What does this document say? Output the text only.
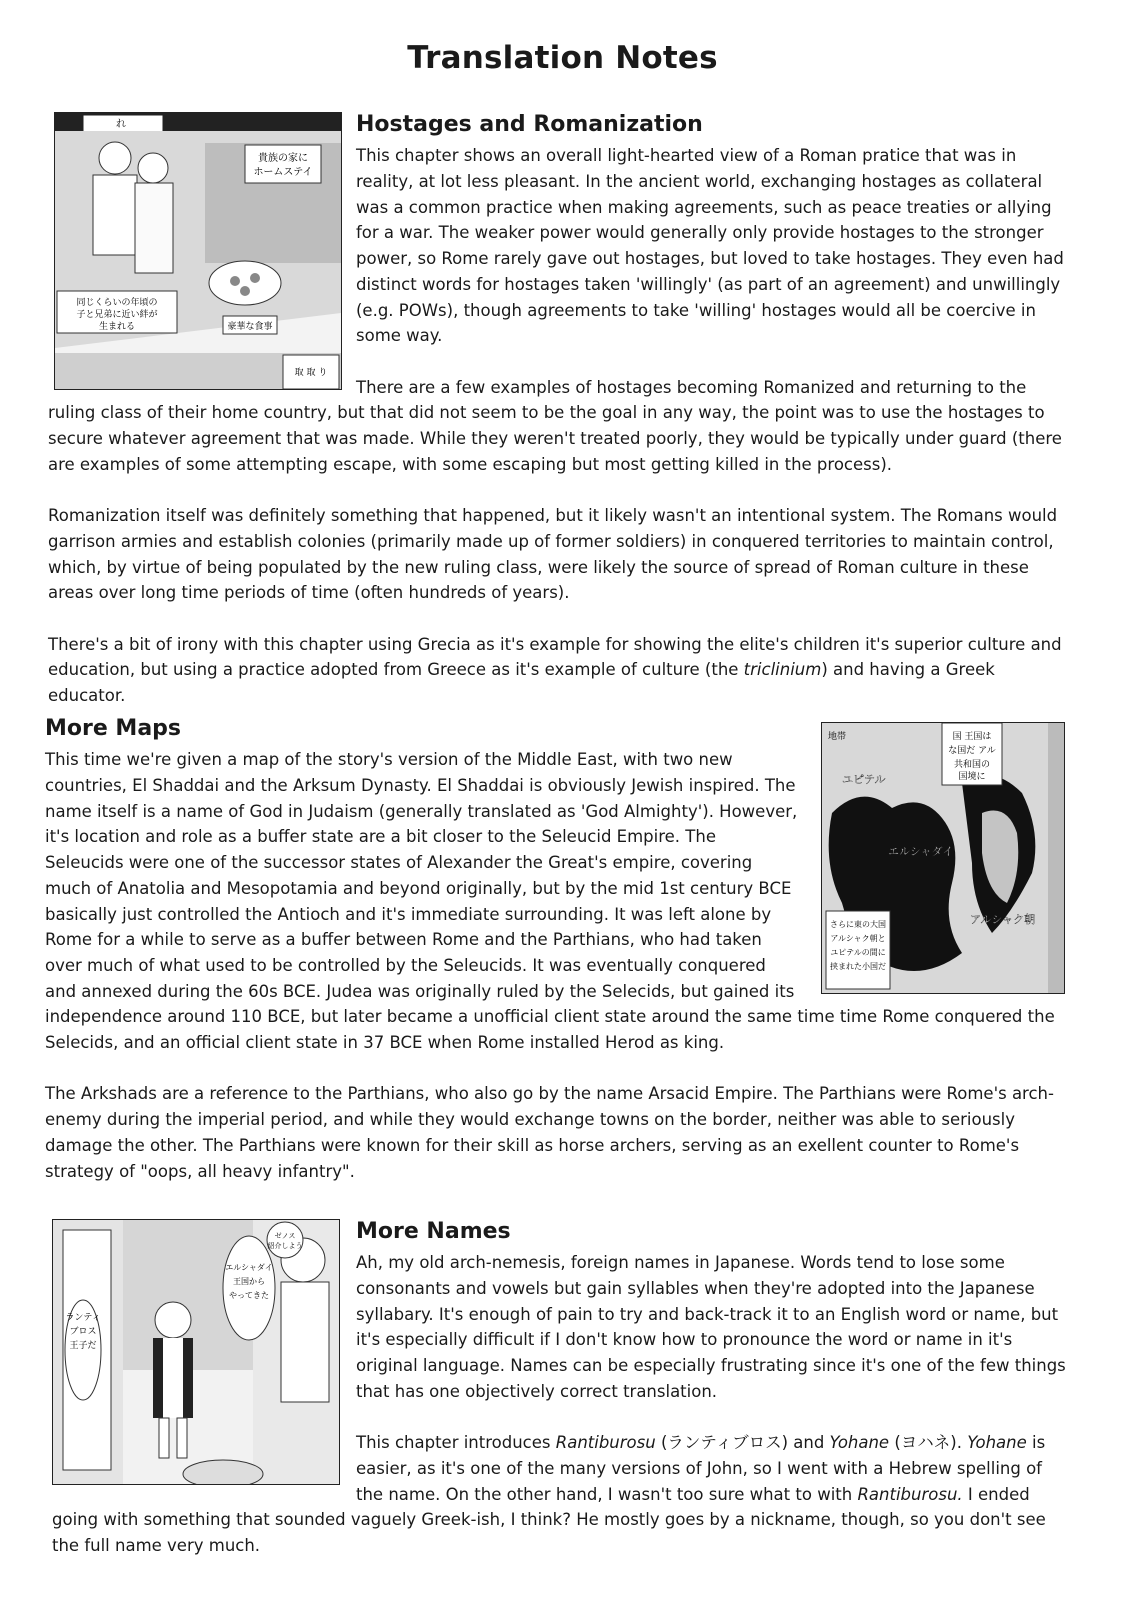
Translation Notes
れ
貴族の家に
ホームステイ
同じくらいの年頃の
子と兄弟に近い絆が
生まれる	豪華な食事
取 取 り
Hostages and Romanization

This chapter shows an overall light-hearted view of a Roman pratice that was in reality, at lot less pleasant. In the ancient world, exchanging hostages as collateral was a common practice when making agreements, such as peace treaties or allying for a war. The weaker power would generally only provide hostages to the stronger power, so Rome rarely gave out hostages, but loved to take hostages. They even had distinct words for hostages taken 'willingly' (as part of an agreement) and unwillingly (e.g. POWs), though agreements to take 'willing' hostages would all be coercive in some way.

There are a few examples of hostages becoming Romanized and returning to the ruling class of their home country, but that did not seem to be the goal in any way, the point was to use the hostages to secure whatever agreement that was made. While they weren't treated poorly, they would be typically under guard (there are examples of some attempting escape, with some escaping but most getting killed in the process).

Romanization itself was definitely something that happened, but it likely wasn't an intentional system. The Romans would garrison armies and establish colonies (primarily made up of former soldiers) in conquered territories to maintain control, which, by virtue of being populated by the new ruling class, were likely the source of spread of Roman culture in these areas over long time periods of time (often hundreds of years).

There's a bit of irony with this chapter using Grecia as it's example for showing the elite's children it's superior culture and education, but using a practice adopted from Greece as it's example of culture (the triclinium) and having a Greek educator.

国 王国は
な国だ アル
共和国の
国境に
地帯
ユピテル
エルシャダイ
アルシャク朝
さらに東の大国
アルシャク朝と
ユピテルの間に
挟まれた小国だ
More Maps

This time we're given a map of the story's version of the Middle East, with two new countries, El Shaddai and the Arksum Dynasty. El Shaddai is obviously Jewish inspired. The name itself is a name of God in Judaism (generally translated as 'God Almighty'). However, it's location and role as a buffer state are a bit closer to the Seleucid Empire. The Seleucids were one of the successor states of Alexander the Great's empire, covering much of Anatolia and Mesopotamia and beyond originally, but by the mid 1st century BCE basically just controlled the Antioch and it's immediate surrounding. It was left alone by Rome for a while to serve as a buffer between Rome and the Parthians, who had taken over much of what used to be controlled by the Seleucids. It was eventually conquered and annexed during the 60s BCE. Judea was originally ruled by the Selecids, but gained its independence around 110 BCE, but later became a unofficial client state around the same time time Rome conquered the Selecids, and an official client state in 37 BCE when Rome installed Herod as king.

The Arkshads are a reference to the Parthians, who also go by the name Arsacid Empire. The Parthians were Rome's arch-enemy during the imperial period, and while they would exchange towns on the border, neither was able to seriously damage the other. The Parthians were known for their skill as horse archers, serving as an exellent counter to Rome's strategy of "oops, all heavy infantry".

ランティ
ブロス
王子だ
エルシャダイ
王国から
やってきた
ゼノス
紹介しよう
More Names

Ah, my old arch-nemesis, foreign names in Japanese. Words tend to lose some consonants and vowels but gain syllables when they're adopted into the Japanese syllabary. It's enough of pain to try and back-track it to an English word or name, but it's especially difficult if I don't know how to pronounce the word or name in it's original language. Names can be especially frustrating since it's one of the few things that has one objectively correct translation.

This chapter introduces Rantiburosu (ランティブロス) and Yohane (ヨハネ). Yohane is easier, as it's one of the many versions of John, so I went with a Hebrew spelling of the name. On the other hand, I wasn't too sure what to with Rantiburosu. I ended going with something that sounded vaguely Greek-ish, I think? He mostly goes by a nickname, though, so you don't see the full name very much.
